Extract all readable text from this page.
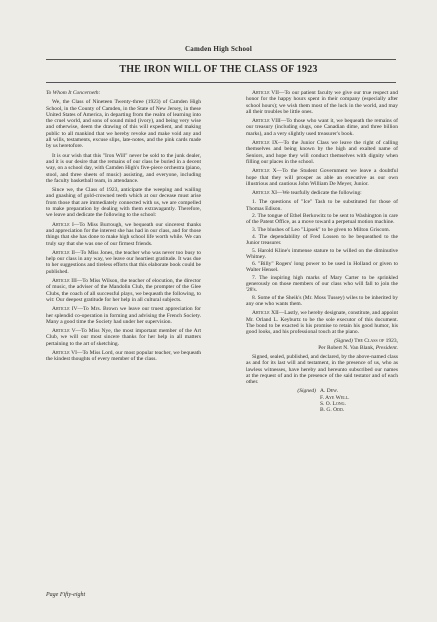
Camden High School
THE IRON WILL OF THE CLASS OF 1923
To Whom It Concerneth:

We, the Class of Nineteen Twenty-three (1923) of Camden High School, in the County of Camden, in the State of New Jersey, in these United States of America, in departing from the realm of learning into the cruel world, and sons of sound mind (ivory), and being very wise and otherwise, deem the drawing of this will expedient, and making public to all mankind that we hereby revoke and make void any and all wills, testaments, excuse slips, late-notes, and the pink cards made by us heretofore.

It is our wish that this "Iron Will" never be sold to the junk dealer, and it is our desire that the remains of our class be buried in a decent way, on a school day, with Camden High's five-piece orchestra (piano, stool, and three sheets of music) assisting, and everyone, including the faculty basketball team, in attendance.

Since we, the Class of 1923, anticipate the weeping and wailing and gnashing of gold-crowned teeth which at our decease must arise from those that are immediately connected with us, we are compelled to make preparation by dealing with them extravagantly. Therefore, we leave and dedicate the following to the school:

Article I—To Miss Burrough, we bequeath our sincerest thanks and appreciation for the interest she has had in our class, and for those things that she has done to make high school life worth while. We can truly say that she was one of our firmest friends.

Article II—To Miss Jones, the teacher who was never too busy to help our class in any way, we leave our heartiest gratitude. It was due to her suggestions and tireless efforts that this elaborate book could be published.

Article III—To Miss Wilson, the teacher of elocution, the director of music, the adviser of the Mandolin Club, the prompter of the Glee Clubs, the coach of all successful plays, we bequeath the following, to wit: Our deepest gratitude for her help in all cultural subjects.

Article IV—To Mrs. Brown we leave our truest appreciation for her splendid co-operation in forming and advising the French Society. Many a good time the Society had under her supervision.

Article V—To Miss Nye, the most important member of the Art Club, we will our most sincere thanks for her help in all matters pertaining to the art of sketching.

Article VI—To Miss Lord, our most popular teacher, we bequeath the kindest thoughts of every member of the class.

Article VII—To our patient faculty we give our true respect and honor for the happy hours spent in their company (especially after school hours); we wish them most of the luck in the world, and may all their troubles be little ones.

Article VIII—To those who want it, we bequeath the remains of our treasury (including slugs, one Canadian dime, and three billion marks), and a very slightly used treasurer's book.

Article IX—To the Junior Class we leave the right of calling themselves and being known by the high and exalted name of Seniors, and hope they will conduct themselves with dignity when filling our places in the school.

Article X—To the Student Government we leave a doubtful hope that they will prosper as able an executive as our own illustrious and cautious John William De Meyer, Junior.

Article XI—We tearfully dedicate the following:

1. The questions of "Ice" Tash to be substituted for those of Thomas Edison.

2. The tongue of Ethel Berkowitz to be sent to Washington in care of the Patent Office, as a move toward a perpetual motion machine.

3. The blushes of Leo "Lipsek" to be given to Milton Griscom.

4. The dependability of Fred Lossen to be bequeathed to the Junior treasurer.

5. Harold Kline's immense stature to be willed on the diminutive Whitney.

6. "Billy" Rogers' long power to be used in Holland or given to Walter Hensel.

7. The inspiring high marks of Mary Carter to be sprinkled generously on those members of our class who will fall to join the '28's.

8. Some of the Sheik's (Mr. Moss Tussey) wiles to be inherited by any one who wants them.

Article XII—Lastly, we hereby designate, constitute, and appoint Mr. Orland L. Keyburtz to be the sole executor of this document. The bond to be exacted is his promise to retain his good humor, his good looks, and his professional touch at the piano.

(Signed) The Class of 1923,
Per Robert N. Van Blank, President.

Signed, sealed, published, and declared, by the above-named class as and for its last will and testament, in the presence of us, who as lawless witnesses, have hereby and hereunto subscribed our names at the request of and in the presence of the said testator and of each other.

(Signed) A. Dew.
F. Aye Well.
S. O. Long.
B. G. Odd.
Page Fifty-eight
